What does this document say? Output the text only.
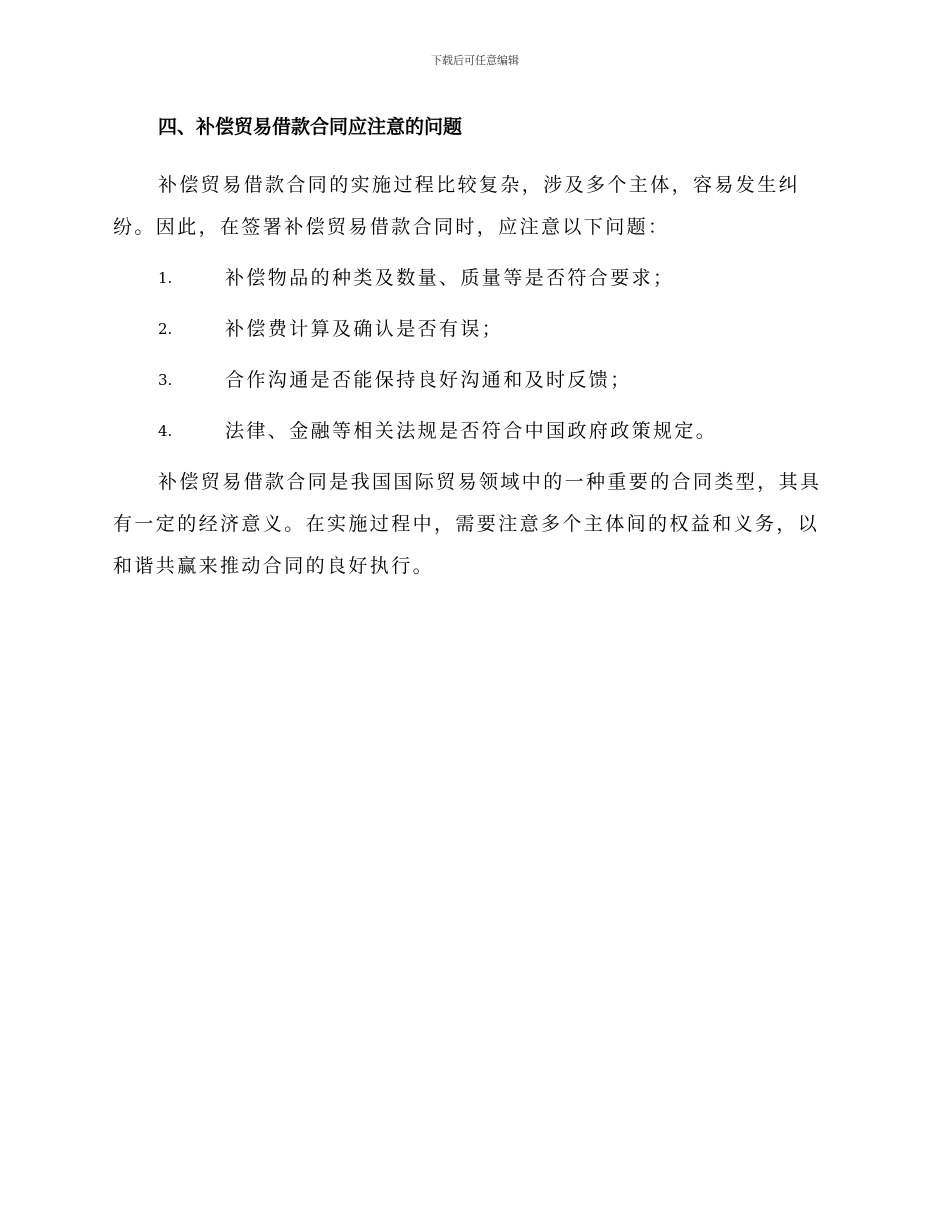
下载后可任意编辑
四、补偿贸易借款合同应注意的问题

补偿贸易借款合同的实施过程比较复杂，涉及多个主体，容易发生纠纷。因此，在签署补偿贸易借款合同时，应注意以下问题：

1.	补偿物品的种类及数量、质量等是否符合要求；
2.	补偿费计算及确认是否有误；
3.	合作沟通是否能保持良好沟通和及时反馈；
4.	法律、金融等相关法规是否符合中国政府政策规定。

补偿贸易借款合同是我国国际贸易领域中的一种重要的合同类型，其具有一定的经济意义。在实施过程中，需要注意多个主体间的权益和义务，以和谐共赢来推动合同的良好执行。
